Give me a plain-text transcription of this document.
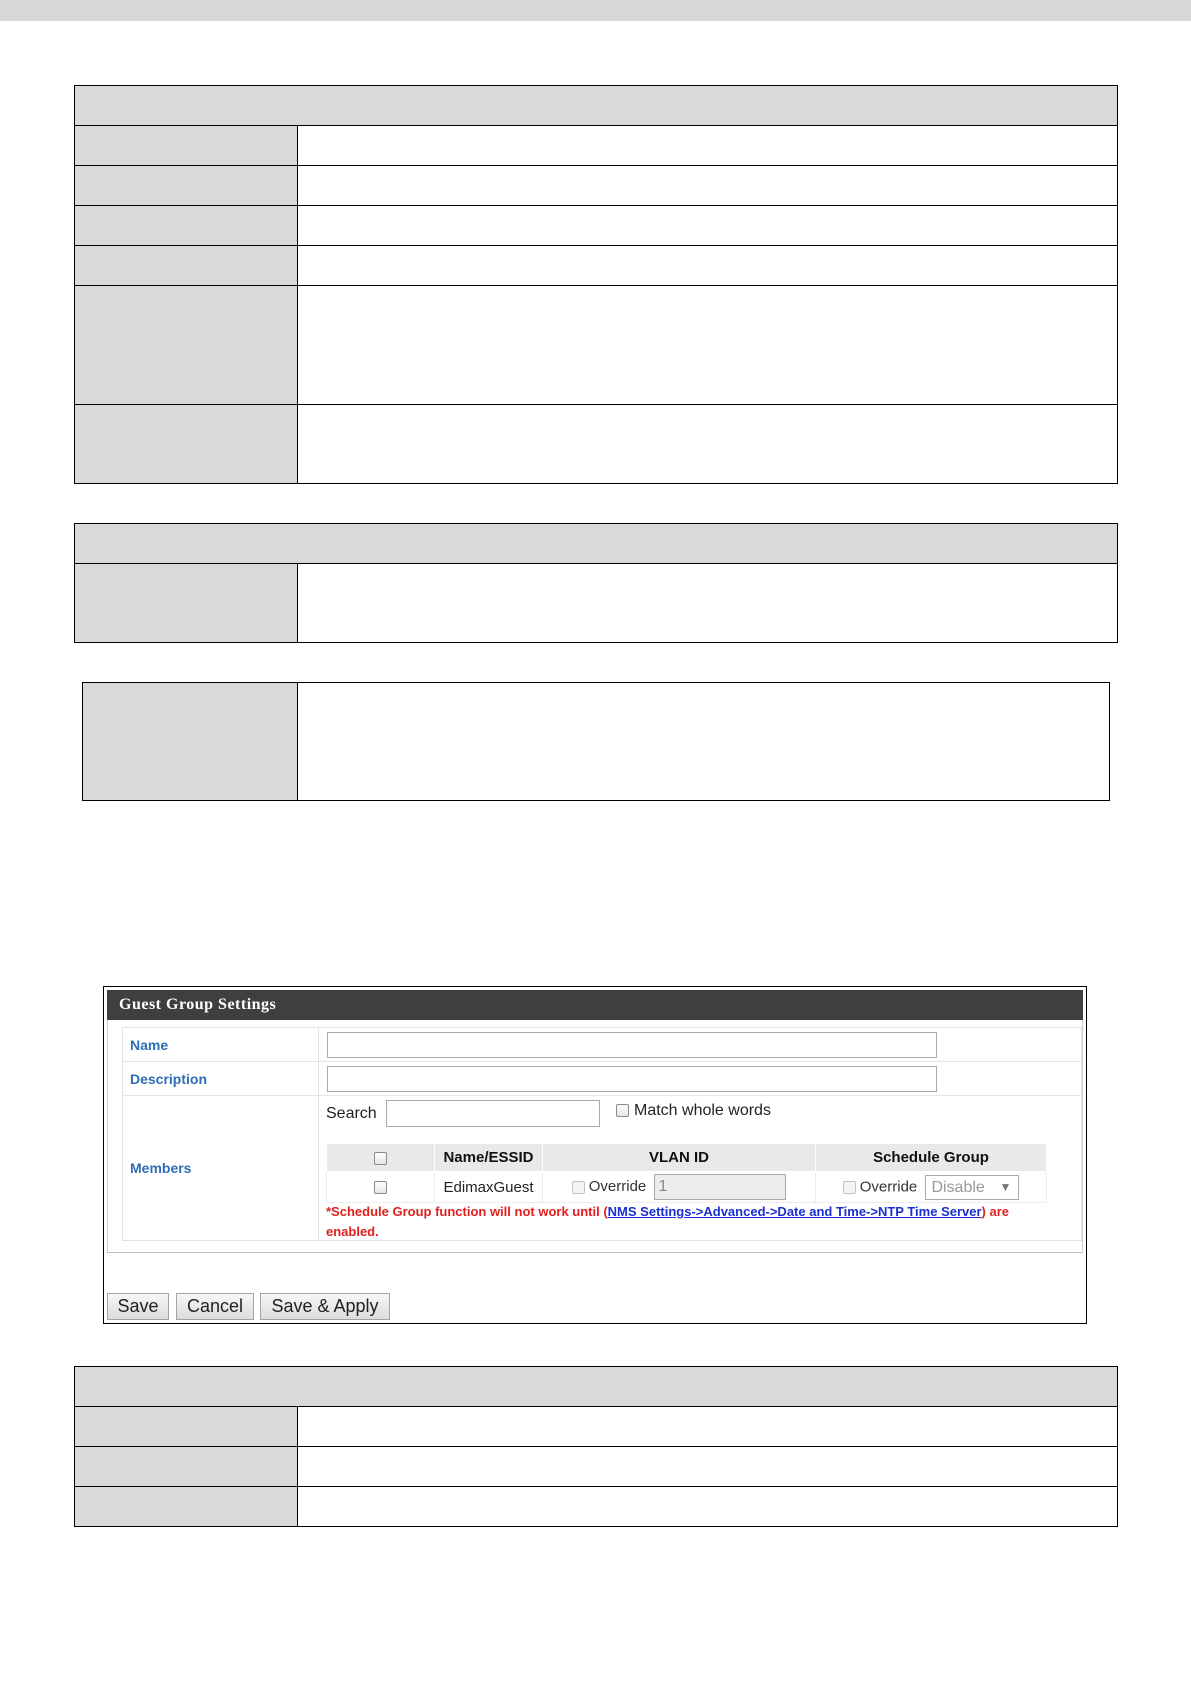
Guest Group Settings
Name	

Description	

Members	
Search	Match whole words
	Name/ESSID	VLAN ID	Schedule Group
	EdimaxGuest	Override 1	Override Disable ▼
*Schedule Group function will not work until (NMS Settings->Advanced->Date and Time->NTP Time Server) are enabled.
Save	Cancel	Save & Apply
